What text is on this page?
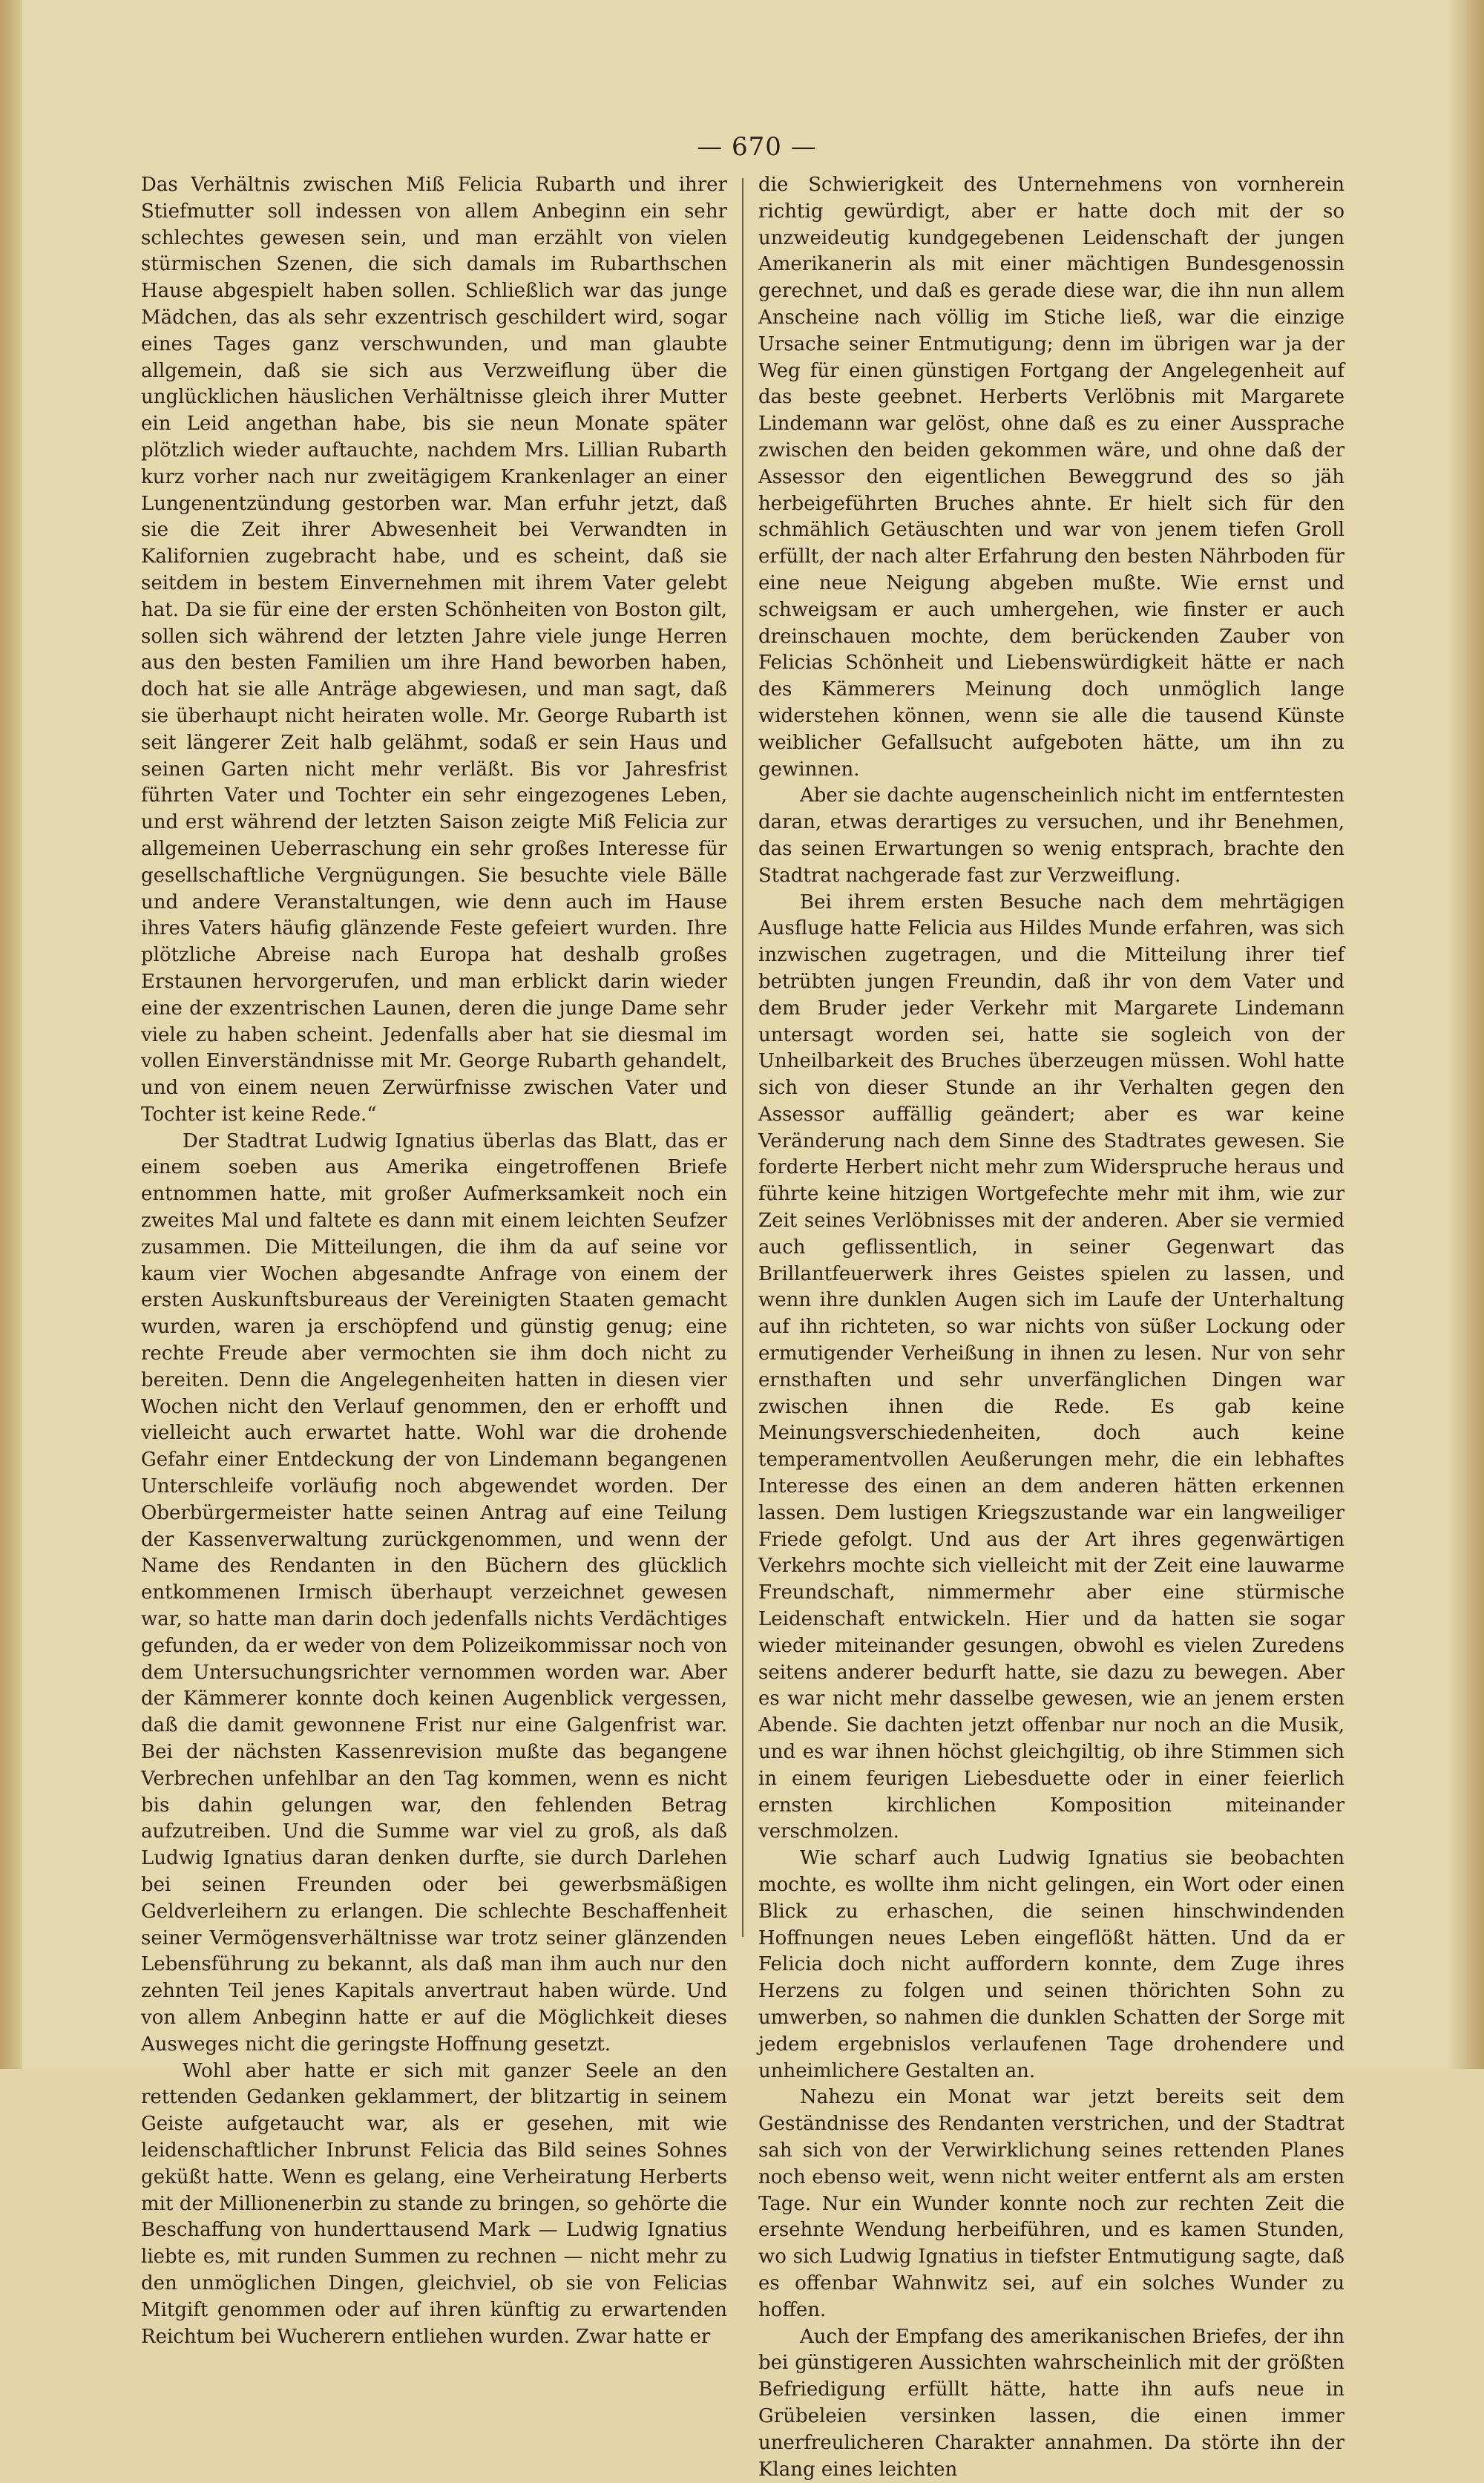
— 670 —

Das Verhältnis zwischen Miß Felicia Rubarth und ihrer Stiefmutter soll indessen von allem Anbeginn ein sehr schlechtes gewesen sein, und man erzählt von vielen stürmischen Szenen, die sich damals im Rubarthschen Hause abgespielt haben sollen. Schließlich war das junge Mädchen, das als sehr exzentrisch geschildert wird, sogar eines Tages ganz verschwunden, und man glaubte allgemein, daß sie sich aus Verzweiflung über die unglücklichen häuslichen Verhältnisse gleich ihrer Mutter ein Leid angethan habe, bis sie neun Monate später plötzlich wieder auftauchte, nachdem Mrs. Lillian Rubarth kurz vorher nach nur zweitägigem Krankenlager an einer Lungenentzündung gestorben war. Man erfuhr jetzt, daß sie die Zeit ihrer Abwesenheit bei Verwandten in Kalifornien zugebracht habe, und es scheint, daß sie seitdem in bestem Einvernehmen mit ihrem Vater gelebt hat. Da sie für eine der ersten Schönheiten von Boston gilt, sollen sich während der letzten Jahre viele junge Herren aus den besten Familien um ihre Hand beworben haben, doch hat sie alle Anträge abgewiesen, und man sagt, daß sie überhaupt nicht heiraten wolle. Mr. George Rubarth ist seit längerer Zeit halb gelähmt, sodaß er sein Haus und seinen Garten nicht mehr verläßt. Bis vor Jahresfrist führten Vater und Tochter ein sehr eingezogenes Leben, und erst während der letzten Saison zeigte Miß Felicia zur allgemeinen Ueberraschung ein sehr großes Interesse für gesellschaftliche Vergnügungen. Sie besuchte viele Bälle und andere Veranstaltungen, wie denn auch im Hause ihres Vaters häufig glänzende Feste gefeiert wurden. Ihre plötzliche Abreise nach Europa hat deshalb großes Erstaunen hervorgerufen, und man erblickt darin wieder eine der exzentrischen Launen, deren die junge Dame sehr viele zu haben scheint. Jedenfalls aber hat sie diesmal im vollen Einverständnisse mit Mr. George Rubarth gehandelt, und von einem neuen Zerwürfnisse zwischen Vater und Tochter ist keine Rede.“

Der Stadtrat Ludwig Ignatius überlas das Blatt, das er einem soeben aus Amerika eingetroffenen Briefe entnommen hatte, mit großer Aufmerksamkeit noch ein zweites Mal und faltete es dann mit einem leichten Seufzer zusammen. Die Mitteilungen, die ihm da auf seine vor kaum vier Wochen abgesandte Anfrage von einem der ersten Auskunftsbureaus der Vereinigten Staaten gemacht wurden, waren ja erschöpfend und günstig genug; eine rechte Freude aber vermochten sie ihm doch nicht zu bereiten. Denn die Angelegenheiten hatten in diesen vier Wochen nicht den Verlauf genommen, den er erhofft und vielleicht auch erwartet hatte. Wohl war die drohende Gefahr einer Entdeckung der von Lindemann begangenen Unterschleife vorläufig noch abgewendet worden. Der Oberbürgermeister hatte seinen Antrag auf eine Teilung der Kassenverwaltung zurückgenommen, und wenn der Name des Rendanten in den Büchern des glücklich entkommenen Irmisch überhaupt verzeichnet gewesen war, so hatte man darin doch jedenfalls nichts Verdächtiges gefunden, da er weder von dem Polizeikommissar noch von dem Untersuchungsrichter vernommen worden war. Aber der Kämmerer konnte doch keinen Augenblick vergessen, daß die damit gewonnene Frist nur eine Galgenfrist war. Bei der nächsten Kassenrevision mußte das begangene Verbrechen unfehlbar an den Tag kommen, wenn es nicht bis dahin gelungen war, den fehlenden Betrag aufzutreiben. Und die Summe war viel zu groß, als daß Ludwig Ignatius daran denken durfte, sie durch Darlehen bei seinen Freunden oder bei gewerbsmäßigen Geldverleihern zu erlangen. Die schlechte Beschaffenheit seiner Vermögensverhältnisse war trotz seiner glänzenden Lebensführung zu bekannt, als daß man ihm auch nur den zehnten Teil jenes Kapitals anvertraut haben würde. Und von allem Anbeginn hatte er auf die Möglichkeit dieses Ausweges nicht die geringste Hoffnung gesetzt.

Wohl aber hatte er sich mit ganzer Seele an den rettenden Gedanken geklammert, der blitzartig in seinem Geiste aufgetaucht war, als er gesehen, mit wie leidenschaftlicher Inbrunst Felicia das Bild seines Sohnes geküßt hatte. Wenn es gelang, eine Verheiratung Herberts mit der Millionenerbin zu stande zu bringen, so gehörte die Beschaffung von hunderttausend Mark — Ludwig Ignatius liebte es, mit runden Summen zu rechnen — nicht mehr zu den unmöglichen Dingen, gleichviel, ob sie von Felicias Mitgift genommen oder auf ihren künftig zu erwartenden Reichtum bei Wucherern entliehen wurden. Zwar hatte er

die Schwierigkeit des Unternehmens von vornherein richtig gewürdigt, aber er hatte doch mit der so unzweideutig kundgegebenen Leidenschaft der jungen Amerikanerin als mit einer mächtigen Bundesgenossin gerechnet, und daß es gerade diese war, die ihn nun allem Anscheine nach völlig im Stiche ließ, war die einzige Ursache seiner Entmutigung; denn im übrigen war ja der Weg für einen günstigen Fortgang der Angelegenheit auf das beste geebnet. Herberts Verlöbnis mit Margarete Lindemann war gelöst, ohne daß es zu einer Aussprache zwischen den beiden gekommen wäre, und ohne daß der Assessor den eigentlichen Beweggrund des so jäh herbeigeführten Bruches ahnte. Er hielt sich für den schmählich Getäuschten und war von jenem tiefen Groll erfüllt, der nach alter Erfahrung den besten Nährboden für eine neue Neigung abgeben mußte. Wie ernst und schweigsam er auch umhergehen, wie finster er auch dreinschauen mochte, dem berückenden Zauber von Felicias Schönheit und Liebenswürdigkeit hätte er nach des Kämmerers Meinung doch unmöglich lange widerstehen können, wenn sie alle die tausend Künste weiblicher Gefallsucht aufgeboten hätte, um ihn zu gewinnen.

Aber sie dachte augenscheinlich nicht im entferntesten daran, etwas derartiges zu versuchen, und ihr Benehmen, das seinen Erwartungen so wenig entsprach, brachte den Stadtrat nachgerade fast zur Verzweiflung.

Bei ihrem ersten Besuche nach dem mehrtägigen Ausfluge hatte Felicia aus Hildes Munde erfahren, was sich inzwischen zugetragen, und die Mitteilung ihrer tief betrübten jungen Freundin, daß ihr von dem Vater und dem Bruder jeder Verkehr mit Margarete Lindemann untersagt worden sei, hatte sie sogleich von der Unheilbarkeit des Bruches überzeugen müssen. Wohl hatte sich von dieser Stunde an ihr Verhalten gegen den Assessor auffällig geändert; aber es war keine Veränderung nach dem Sinne des Stadtrates gewesen. Sie forderte Herbert nicht mehr zum Widerspruche heraus und führte keine hitzigen Wortgefechte mehr mit ihm, wie zur Zeit seines Verlöbnisses mit der anderen. Aber sie vermied auch geflissentlich, in seiner Gegenwart das Brillantfeuerwerk ihres Geistes spielen zu lassen, und wenn ihre dunklen Augen sich im Laufe der Unterhaltung auf ihn richteten, so war nichts von süßer Lockung oder ermutigender Verheißung in ihnen zu lesen. Nur von sehr ernsthaften und sehr unverfänglichen Dingen war zwischen ihnen die Rede. Es gab keine Meinungsverschiedenheiten, doch auch keine temperamentvollen Aeußerungen mehr, die ein lebhaftes Interesse des einen an dem anderen hätten erkennen lassen. Dem lustigen Kriegszustande war ein langweiliger Friede gefolgt. Und aus der Art ihres gegenwärtigen Verkehrs mochte sich vielleicht mit der Zeit eine lauwarme Freundschaft, nimmermehr aber eine stürmische Leidenschaft entwickeln. Hier und da hatten sie sogar wieder miteinander gesungen, obwohl es vielen Zuredens seitens anderer bedurft hatte, sie dazu zu bewegen. Aber es war nicht mehr dasselbe gewesen, wie an jenem ersten Abende. Sie dachten jetzt offenbar nur noch an die Musik, und es war ihnen höchst gleichgiltig, ob ihre Stimmen sich in einem feurigen Liebesduette oder in einer feierlich ernsten kirchlichen Komposition miteinander verschmolzen.

Wie scharf auch Ludwig Ignatius sie beobachten mochte, es wollte ihm nicht gelingen, ein Wort oder einen Blick zu erhaschen, die seinen hinschwindenden Hoffnungen neues Leben eingeflößt hätten. Und da er Felicia doch nicht auffordern konnte, dem Zuge ihres Herzens zu folgen und seinen thörichten Sohn zu umwerben, so nahmen die dunklen Schatten der Sorge mit jedem ergebnislos verlaufenen Tage drohendere und unheimlichere Gestalten an.

Nahezu ein Monat war jetzt bereits seit dem Geständnisse des Rendanten verstrichen, und der Stadtrat sah sich von der Verwirklichung seines rettenden Planes noch ebenso weit, wenn nicht weiter entfernt als am ersten Tage. Nur ein Wunder konnte noch zur rechten Zeit die ersehnte Wendung herbeiführen, und es kamen Stunden, wo sich Ludwig Ignatius in tiefster Entmutigung sagte, daß es offenbar Wahnwitz sei, auf ein solches Wunder zu hoffen.

Auch der Empfang des amerikanischen Briefes, der ihn bei günstigeren Aussichten wahrscheinlich mit der größten Befriedigung erfüllt hätte, hatte ihn aufs neue in Grübeleien versinken lassen, die einen immer unerfreulicheren Charakter annahmen. Da störte ihn der Klang eines leichten
